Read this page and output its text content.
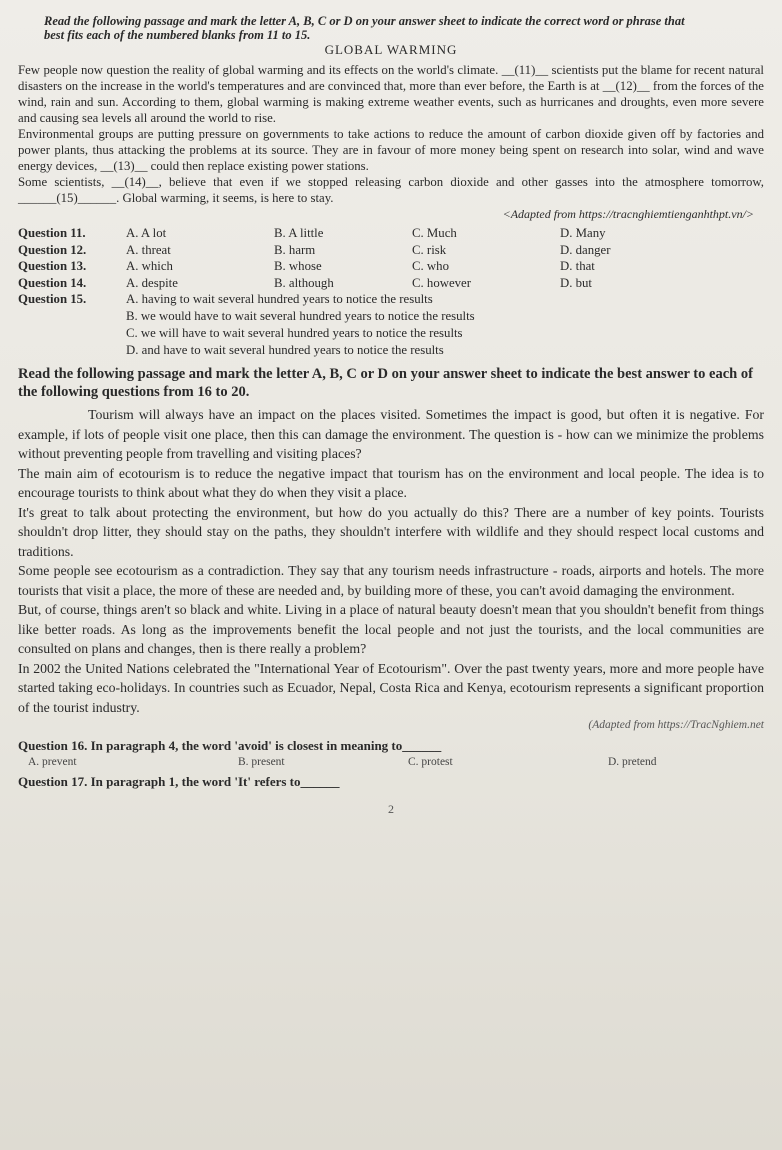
Read the following passage and mark the letter A, B, C or D on your answer sheet to indicate the correct word or phrase that best fits each of the numbered blanks from 11 to 15.

GLOBAL WARMING

Few people now question the reality of global warming and its effects on the world's climate. __(11)__ scientists put the blame for recent natural disasters on the increase in the world's temperatures and are convinced that, more than ever before, the Earth is at __(12)__ from the forces of the wind, rain and sun. According to them, global warming is making extreme weather events, such as hurricanes and droughts, even more severe and causing sea levels all around the world to rise.

Environmental groups are putting pressure on governments to take actions to reduce the amount of carbon dioxide given off by factories and power plants, thus attacking the problems at its source. They are in favour of more money being spent on research into solar, wind and wave energy devices, __(13)__ could then replace existing power stations.

Some scientists, __(14)__, believe that even if we stopped releasing carbon dioxide and other gasses into the atmosphere tomorrow, ______(15)______. Global warming, it seems, is here to stay.

<Adapted from https://tracnghiemtienganhthpt.vn/>
Question 11.	A. A lot	B. A little	C. Much	D. Many
Question 12.	A. threat	B. harm	C. risk	D. danger
Question 13.	A. which	B. whose	C. who	D. that
Question 14.	A. despite	B. although	C. however	D. but
Question 15.	A. having to wait several hundred years to notice the results
B. we would have to wait several hundred years to notice the results
C. we will have to wait several hundred years to notice the results
D. and have to wait several hundred years to notice the results
Read the following passage and mark the letter A, B, C or D on your answer sheet to indicate the best answer to each of the following questions from 16 to 20.

Tourism will always have an impact on the places visited. Sometimes the impact is good, but often it is negative. For example, if lots of people visit one place, then this can damage the environment. The question is - how can we minimize the problems without preventing people from travelling and visiting places?

The main aim of ecotourism is to reduce the negative impact that tourism has on the environment and local people. The idea is to encourage tourists to think about what they do when they visit a place.

It's great to talk about protecting the environment, but how do you actually do this? There are a number of key points. Tourists shouldn't drop litter, they should stay on the paths, they shouldn't interfere with wildlife and they should respect local customs and traditions.

Some people see ecotourism as a contradiction. They say that any tourism needs infrastructure - roads, airports and hotels. The more tourists that visit a place, the more of these are needed and, by building more of these, you can't avoid damaging the environment.

But, of course, things aren't so black and white. Living in a place of natural beauty doesn't mean that you shouldn't benefit from things like better roads. As long as the improvements benefit the local people and not just the tourists, and the local communities are consulted on plans and changes, then is there really a problem?

In 2002 the United Nations celebrated the "International Year of Ecotourism". Over the past twenty years, more and more people have started taking eco-holidays. In countries such as Ecuador, Nepal, Costa Rica and Kenya, ecotourism represents a significant proportion of the tourist industry.

(Adapted from https://TracNghiem.net
Question 16. In paragraph 4, the word 'avoid' is closest in meaning to______
A. prevent	B. present	C. protest	D. pretend
Question 17. In paragraph 1, the word 'It' refers to______
2
